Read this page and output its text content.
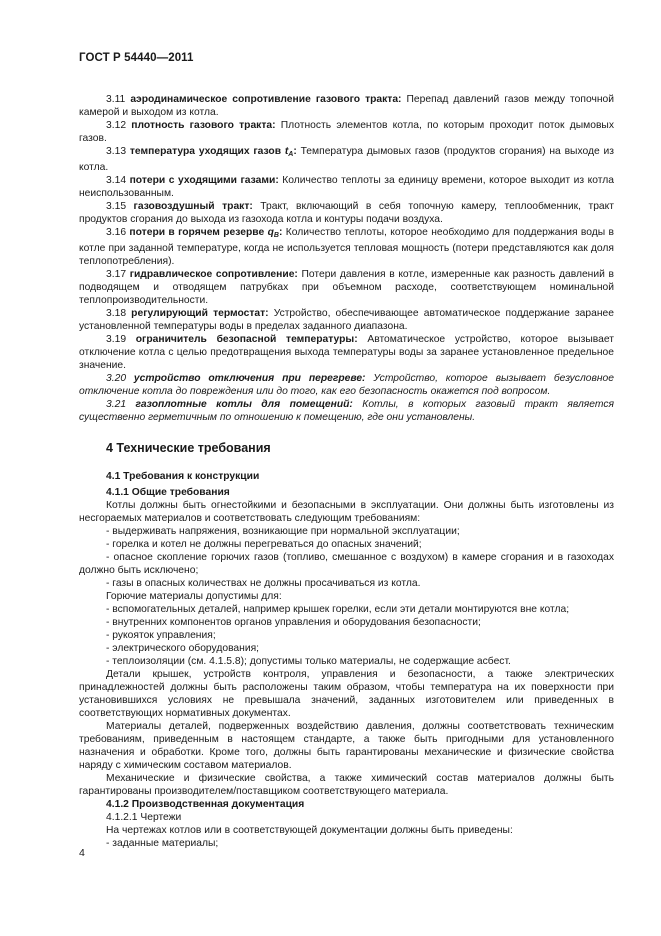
ГОСТ Р 54440—2011

3.11 аэродинамическое сопротивление газового тракта: Перепад давлений газов между топочной камерой и выходом из котла.

3.12 плотность газового тракта: Плотность элементов котла, по которым проходит поток дымовых газов.

3.13 температура уходящих газов $t_A$: Температура дымовых газов (продуктов сгорания) на выходе из котла.

3.14 потери с уходящими газами: Количество теплоты за единицу времени, которое выходит из котла неиспользованным.

3.15 газовоздушный тракт: Тракт, включающий в себя топочную камеру, теплообменник, тракт продуктов сгорания до выхода из газохода котла и контуры подачи воздуха.

3.16 потери в горячем резерве $q_B$: Количество теплоты, которое необходимо для поддержания воды в котле при заданной температуре, когда не используется тепловая мощность (потери представляются как доля теплопотребления).

3.17 гидравлическое сопротивление: Потери давления в котле, измеренные как разность давлений в подводящем и отводящем патрубках при объемном расходе, соответствующем номинальной теплопроизводительности.

3.18 регулирующий термостат: Устройство, обеспечивающее автоматическое поддержание заранее установленной температуры воды в пределах заданного диапазона.

3.19 ограничитель безопасной температуры: Автоматическое устройство, которое вызывает отключение котла с целью предотвращения выхода температуры воды за заранее установленное предельное значение.

3.20 устройство отключения при перегреве: Устройство, которое вызывает безусловное отключение котла до повреждения или до того, как его безопасность окажется под вопросом.

3.21 газоплотные котлы для помещений: Котлы, в которых газовый тракт является существенно герметичным по отношению к помещению, где они установлены.

4 Технические требования
4.1 Требования к конструкции
4.1.1 Общие требования

Котлы должны быть огнестойкими и безопасными в эксплуатации. Они должны быть изготовлены из несгораемых материалов и соответствовать следующим требованиям:

- выдерживать напряжения, возникающие при нормальной эксплуатации;

- горелка и котел не должны перегреваться до опасных значений;

- опасное скопление горючих газов (топливо, смешанное с воздухом) в камере сгорания и в газоходах должно быть исключено;

- газы в опасных количествах не должны просачиваться из котла.

Горючие материалы допустимы для:

- вспомогательных деталей, например крышек горелки, если эти детали монтируются вне котла;

- внутренних компонентов органов управления и оборудования безопасности;

- рукояток управления;

- электрического оборудования;

- теплоизоляции (см. 4.1.5.8); допустимы только материалы, не содержащие асбест.

Детали крышек, устройств контроля, управления и безопасности, а также электрических принадлежностей должны быть расположены таким образом, чтобы температура на их поверхности при установившихся условиях не превышала значений, заданных изготовителем или приведенных в соответствующих нормативных документах.

Материалы деталей, подверженных воздействию давления, должны соответствовать техническим требованиям, приведенным в настоящем стандарте, а также быть пригодными для установленного назначения и обработки. Кроме того, должны быть гарантированы механические и физические свойства наряду с химическим составом материалов.

Механические и физические свойства, а также химический состав материалов должны быть гарантированы производителем/поставщиком соответствующего материала.

4.1.2 Производственная документация

4.1.2.1 Чертежи

На чертежах котлов или в соответствующей документации должны быть приведены:

- заданные материалы;

4
